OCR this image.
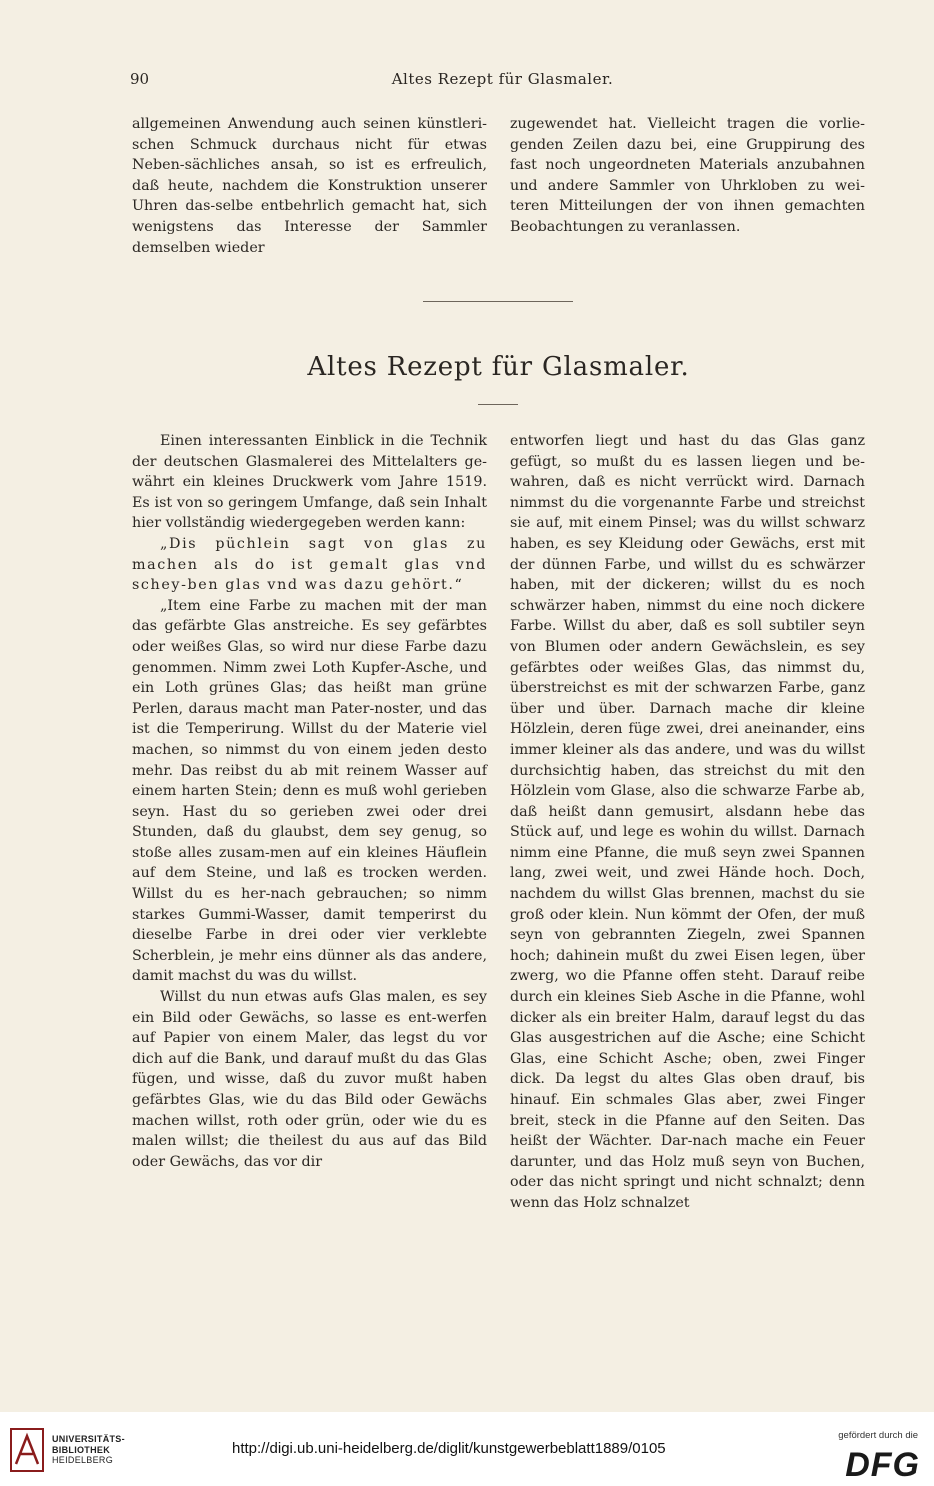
90	Altes Rezept für Glasmaler.

allgemeinen Anwendung auch seinen künstleri-schen Schmuck durchaus nicht für etwas Neben-sächliches ansah, so ist es erfreulich, daß heute, nachdem die Konstruktion unserer Uhren das-selbe entbehrlich gemacht hat, sich wenigstens das Interesse der Sammler demselben wieder

zugewendet hat. Vielleicht tragen die vorlie-genden Zeilen dazu bei, eine Gruppirung des fast noch ungeordneten Materials anzubahnen und andere Sammler von Uhrkloben zu wei-teren Mitteilungen der von ihnen gemachten Beobachtungen zu veranlassen.

Altes Rezept für Glasmaler.

Einen interessanten Einblick in die Technik der deutschen Glasmalerei des Mittelalters ge-währt ein kleines Druckwerk vom Jahre 1519. Es ist von so geringem Umfange, daß sein Inhalt hier vollständig wiedergegeben werden kann:

„Dis püchlein sagt von glas zu machen als do ist gemalt glas vnd schey-ben glas vnd was dazu gehört.“

„Item eine Farbe zu machen mit der man das gefärbte Glas anstreiche. Es sey gefärbtes oder weißes Glas, so wird nur diese Farbe dazu genommen. Nimm zwei Loth Kupfer-Asche, und ein Loth grünes Glas; das heißt man grüne Perlen, daraus macht man Pater-noster, und das ist die Temperirung. Willst du der Materie viel machen, so nimmst du von einem jeden desto mehr. Das reibst du ab mit reinem Wasser auf einem harten Stein; denn es muß wohl gerieben seyn. Hast du so gerieben zwei oder drei Stunden, daß du glaubst, dem sey genug, so stoße alles zusam-men auf ein kleines Häuflein auf dem Steine, und laß es trocken werden. Willst du es her-nach gebrauchen; so nimm starkes Gummi-Wasser, damit temperirst du dieselbe Farbe in drei oder vier verklebte Scherblein, je mehr eins dünner als das andere, damit machst du was du willst.

Willst du nun etwas aufs Glas malen, es sey ein Bild oder Gewächs, so lasse es ent-werfen auf Papier von einem Maler, das legst du vor dich auf die Bank, und darauf mußt du das Glas fügen, und wisse, daß du zuvor mußt haben gefärbtes Glas, wie du das Bild oder Gewächs machen willst, roth oder grün, oder wie du es malen willst; die theilest du aus auf das Bild oder Gewächs, das vor dir

entworfen liegt und hast du das Glas ganz gefügt, so mußt du es lassen liegen und be-wahren, daß es nicht verrückt wird. Darnach nimmst du die vorgenannte Farbe und streichst sie auf, mit einem Pinsel; was du willst schwarz haben, es sey Kleidung oder Gewächs, erst mit der dünnen Farbe, und willst du es schwärzer haben, mit der dickeren; willst du es noch schwärzer haben, nimmst du eine noch dickere Farbe. Willst du aber, daß es soll subtiler seyn von Blumen oder andern Gewächslein, es sey gefärbtes oder weißes Glas, das nimmst du, überstreichst es mit der schwarzen Farbe, ganz über und über. Darnach mache dir kleine Hölzlein, deren füge zwei, drei aneinander, eins immer kleiner als das andere, und was du willst durchsichtig haben, das streichst du mit den Hölzlein vom Glase, also die schwarze Farbe ab, daß heißt dann gemusirt, alsdann hebe das Stück auf, und lege es wohin du willst. Darnach nimm eine Pfanne, die muß seyn zwei Spannen lang, zwei weit, und zwei Hände hoch. Doch, nachdem du willst Glas brennen, machst du sie groß oder klein. Nun kömmt der Ofen, der muß seyn von gebrannten Ziegeln, zwei Spannen hoch; dahinein mußt du zwei Eisen legen, über zwerg, wo die Pfanne offen steht. Darauf reibe durch ein kleines Sieb Asche in die Pfanne, wohl dicker als ein breiter Halm, darauf legst du das Glas ausgestrichen auf die Asche; eine Schicht Glas, eine Schicht Asche; oben, zwei Finger dick. Da legst du altes Glas oben drauf, bis hinauf. Ein schmales Glas aber, zwei Finger breit, steck in die Pfanne auf den Seiten. Das heißt der Wächter. Dar-nach mache ein Feuer darunter, und das Holz muß seyn von Buchen, oder das nicht springt und nicht schnalzt; denn wenn das Holz schnalzet

UNIVERSITÄTS-
BIBLIOTHEK
HEIDELBERG
http://digi.ub.uni-heidelberg.de/diglit/kunstgewerbeblatt1889/0105
gefördert durch die
DFG
